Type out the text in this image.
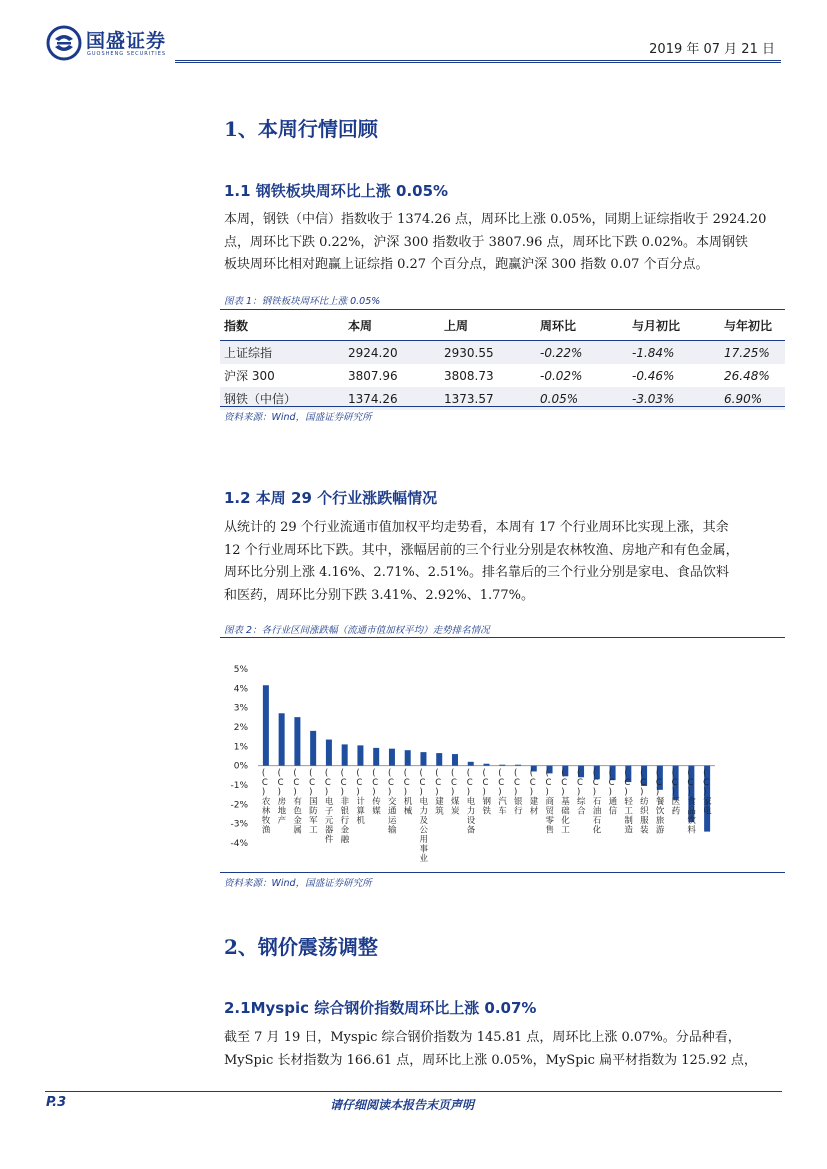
国盛证券
GUOSHENG SECURITIES	2019 年 07 月 21 日
1、本周行情回顾
1.1 钢铁板块周环比上涨 0.05%
本周，钢铁（中信）指数收于 1374.26 点，周环比上涨 0.05%，同期上证综指收于 2924.20
点，周环比下跌 0.22%，沪深 300 指数收于 3807.96 点，周环比下跌 0.02%。本周钢铁
板块周环比相对跑赢上证综指 0.27 个百分点，跑赢沪深 300 指数 0.07 个百分点。
图表 1：钢铁板块周环比上涨 0.05%
指数	本周	上周	周环比	与月初比	与年初比
上证综指	2924.20	2930.55	-0.22%	-1.84%	17.25%
沪深 300	3807.96	3808.73	-0.02%	-0.46%	26.48%
钢铁（中信）	1374.26	1373.57	0.05%	-3.03%	6.90%
资料来源：Wind，国盛证券研究所
1.2 本周 29 个行业涨跌幅情况
从统计的 29 个行业流通市值加权平均走势看，本周有 17 个行业周环比实现上涨，其余
12 个行业周环比下跌。其中，涨幅居前的三个行业分别是农林牧渔、房地产和有色金属，
周环比分别上涨 4.16%、2.71%、2.51%。排名靠后的三个行业分别是家电、食品饮料
和医药，周环比分别下跌 3.41%、2.92%、1.77%。
图表 2：各行业区间涨跌幅（流通市值加权平均）走势排名情况
5%
4%
3%
2%
1%
0%
-1%
-2%
-3%
-4%
( C )农林牧渔
( C )房地产
( C )有色金属
( C )国防军工
( C )电子元器件
( C )非银行金融
( C )计算机
( C )传媒
( C )交通运输
( C )机械
( C )电力及公用事业
( C )建筑
( C )煤炭
( C )电力设备
( C )钢铁
( C )汽车
( C )银行
( C )建材
( C )商贸零售
( C )基础化工
( C )综合
( C )石油石化
( C )通信
( C )轻工制造
( C )纺织服装
( C )餐饮旅游
( C )医药
( C )食品饮料
( C )家电
资料来源：Wind，国盛证券研究所
2、钢价震荡调整
2.1Myspic 综合钢价指数周环比上涨 0.07%
截至 7 月 19 日，Myspic 综合钢价指数为 145.81 点，周环比上涨 0.07%。分品种看，
MySpic 长材指数为 166.61 点，周环比上涨 0.05%，MySpic 扁平材指数为 125.92 点，
P.3	请仔细阅读本报告末页声明
